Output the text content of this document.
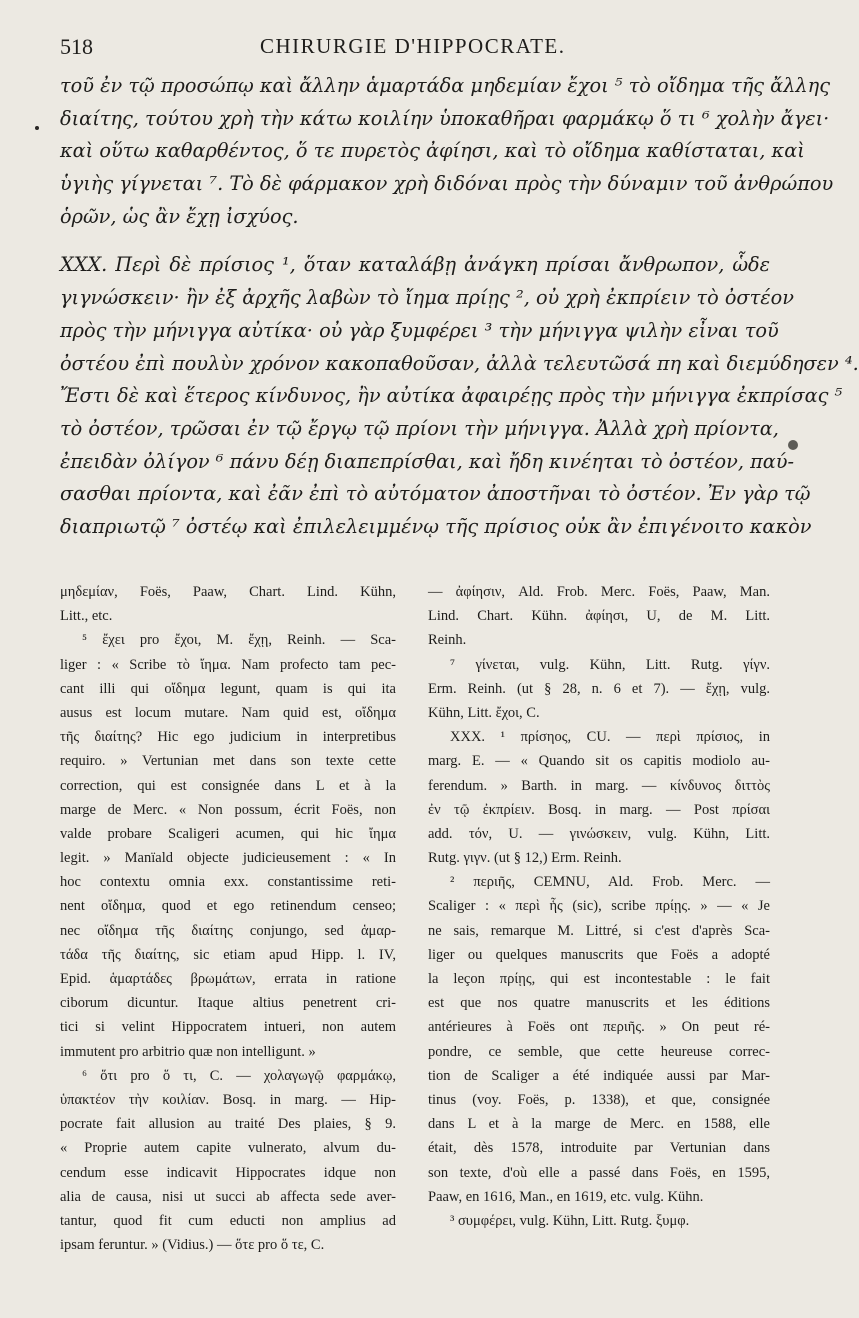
518	CHIRURGIE D'HIPPOCRATE.
τοῦ ἐν τῷ προσώπῳ καὶ ἄλλην ἁμαρτάδα μηδεμίαν ἔχοι ⁵ τὸ οἴδημα τῆς ἄλλης
διαίτης, τούτου χρὴ τὴν κάτω κοιλίην ὑποκαθῆραι φαρμάκῳ ὅ τι ⁶ χολὴν ἄγει·
καὶ οὕτω καθαρθέντος, ὅ τε πυρετὸς ἀφίησι, καὶ τὸ οἴδημα καθίσταται, καὶ
ὑγιὴς γίγνεται ⁷. Τὸ δὲ φάρμακον χρὴ διδόναι πρὸς τὴν δύναμιν τοῦ ἀνθρώπου
ὁρῶν, ὡς ἂν ἔχῃ ἰσχύος.
XXX. Περὶ δὲ πρίσιος ¹, ὅταν καταλάβῃ ἀνάγκη πρίσαι ἄνθρωπον, ὧδε
γιγνώσκειν· ἢν ἐξ ἀρχῆς λαβὼν τὸ ἴημα πρίῃς ², οὐ χρὴ ἐκπρίειν τὸ ὀστέον
πρὸς τὴν μήνιγγα αὐτίκα· οὐ γὰρ ξυμφέρει ³ τὴν μήνιγγα ψιλὴν εἶναι τοῦ
ὀστέου ἐπὶ πουλὺν χρόνον κακοπαθοῦσαν, ἀλλὰ τελευτῶσά πη καὶ διεμύδησεν ⁴.
Ἔστι δὲ καὶ ἕτερος κίνδυνος, ἢν αὐτίκα ἀφαιρέῃς πρὸς τὴν μήνιγγα ἐκπρίσας ⁵
τὸ ὀστέον, τρῶσαι ἐν τῷ ἔργῳ τῷ πρίονι τὴν μήνιγγα. Ἀλλὰ χρὴ πρίοντα,
ἐπειδὰν ὀλίγον ⁶ πάνυ δέῃ διαπεπρίσθαι, καὶ ἤδη κινέηται τὸ ὀστέον, παύ-
σασθαι πρίοντα, καὶ ἐᾶν ἐπὶ τὸ αὐτόματον ἀποστῆναι τὸ ὀστέον. Ἐν γὰρ τῷ
διαπριωτῷ ⁷ ὀστέῳ καὶ ἐπιλελειμμένῳ τῆς πρίσιος οὐκ ἂν ἐπιγένοιτο κακὸν
μηδεμίαν, Foës, Paaw, Chart. Lind. Kühn,
Litt., etc.
⁵ ἔχει pro ἔχοι, M. ἔχῃ, Reinh. — Sca-
liger : « Scribe τὸ ἴημα. Nam profecto tam pec-
cant illi qui οἴδημα legunt, quam is qui ita
ausus est locum mutare. Nam quid est, οἴδημα
τῆς διαίτης? Hic ego judicium in interpretibus
requiro. » Vertunian met dans son texte cette
correction, qui est consignée dans L et à la
marge de Merc. « Non possum, écrit Foës, non
valde probare Scaligeri acumen, qui hic ἴημα
legit. » Manïald objecte judicieusement : « In
hoc contextu omnia exx. constantissime reti-
nent οἴδημα, quod et ego retinendum censeo;
nec οἴδημα τῆς διαίτης conjungo, sed ἁμαρ-
τάδα τῆς διαίτης, sic etiam apud Hipp. l. IV,
Epid. ἁμαρτάδες βρωμάτων, errata in ratione
ciborum dicuntur. Itaque altius penetrent cri-
tici si velint Hippocratem intueri, non autem
immutent pro arbitrio quæ non intelligunt. »
⁶ ὅτι pro ὅ τι, C. — χολαγωγῷ φαρμάκῳ,
ὑπακτέον τὴν κοιλίαν. Bosq. in marg. — Hip-
pocrate fait allusion au traité Des plaies, § 9.
« Proprie autem capite vulnerato, alvum du-
cendum esse indicavit Hippocrates idque non
alia de causa, nisi ut succi ab affecta sede aver-
tantur, quod fit cum educti non amplius ad
ipsam feruntur. » (Vidius.) — ὅτε pro ὅ τε, C.
— ἀφίησιν, Ald. Frob. Merc. Foës, Paaw, Man.
Lind. Chart. Kühn. ἀφίησι, U, de M. Litt.
Reinh.
⁷ γίνεται, vulg. Kühn, Litt. Rutg. γίγν.
Erm. Reinh. (ut § 28, n. 6 et 7). — ἔχῃ, vulg.
Kühn, Litt. ἔχοι, C.
XXX. ¹ πρίσηος, CU. — περὶ πρίσιος, in
marg. E. — « Quando sit os capitis modiolo au-
ferendum. » Barth. in marg. — κίνδυνος διττὸς
ἐν τῷ ἐκπρίειν. Bosq. in marg. — Post πρίσαι
add. τόν, U. — γινώσκειν, vulg. Kühn, Litt.
Rutg. γιγν. (ut § 12,) Erm. Reinh.
² περιῆς, CEMNU, Ald. Frob. Merc. —
Scaliger : « περὶ ἧς (sic), scribe πρίῃς. » — « Je
ne sais, remarque M. Littré, si c'est d'après Sca-
liger ou quelques manuscrits que Foës a adopté
la leçon πρίῃς, qui est incontestable : le fait
est que nos quatre manuscrits et les éditions
antérieures à Foës ont περιῆς. » On peut ré-
pondre, ce semble, que cette heureuse correc-
tion de Scaliger a été indiquée aussi par Mar-
tinus (voy. Foës, p. 1338), et que, consignée
dans L et à la marge de Merc. en 1588, elle
était, dès 1578, introduite par Vertunian dans
son texte, d'où elle a passé dans Foës, en 1595,
Paaw, en 1616, Man., en 1619, etc. vulg. Kühn.
³ συμφέρει, vulg. Kühn, Litt. Rutg. ξυμφ.
